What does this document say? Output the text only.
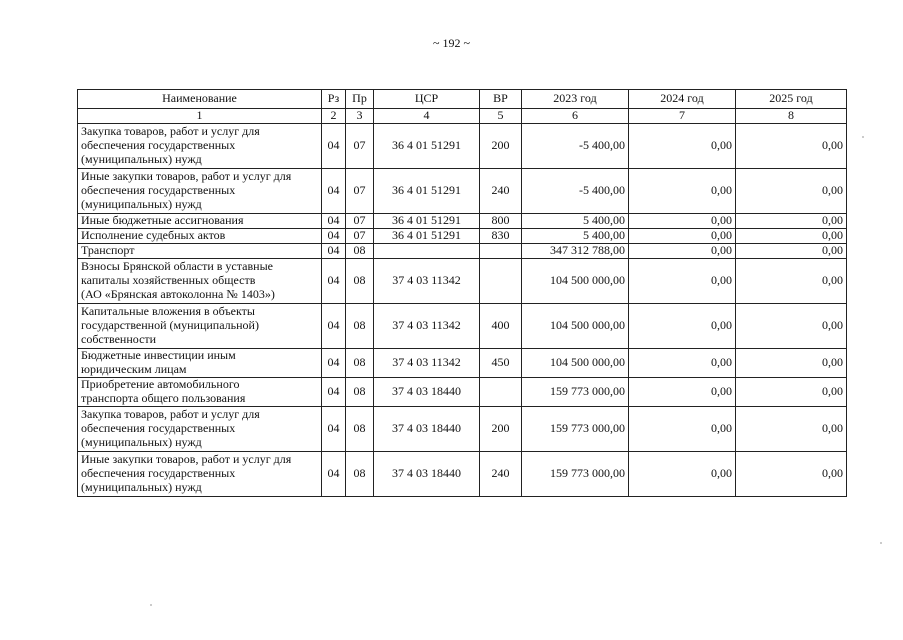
~ 192 ~
Наименование	Рз	Пр	ЦСР	ВР	2023 год	2024 год	2025 год
1	2	3	4	5	6	7	8
Закупка товаров, работ и услуг для
обеспечения государственных
(муниципальных) нужд	04	07	36 4 01 51291	200	-5 400,00	0,00	0,00
Иные закупки товаров, работ и услуг для
обеспечения государственных
(муниципальных) нужд	04	07	36 4 01 51291	240	-5 400,00	0,00	0,00
Иные бюджетные ассигнования	04	07	36 4 01 51291	800	5 400,00	0,00	0,00
Исполнение судебных актов	04	07	36 4 01 51291	830	5 400,00	0,00	0,00
Транспорт	04	08			347 312 788,00	0,00	0,00
Взносы Брянской области в уставные
капиталы хозяйственных обществ
(АО «Брянская автоколонна № 1403»)	04	08	37 4 03 11342		104 500 000,00	0,00	0,00
Капитальные вложения в объекты
государственной (муниципальной)
собственности	04	08	37 4 03 11342	400	104 500 000,00	0,00	0,00
Бюджетные инвестиции иным
юридическим лицам	04	08	37 4 03 11342	450	104 500 000,00	0,00	0,00
Приобретение автомобильного
транспорта общего пользования	04	08	37 4 03 18440		159 773 000,00	0,00	0,00
Закупка товаров, работ и услуг для
обеспечения государственных
(муниципальных) нужд	04	08	37 4 03 18440	200	159 773 000,00	0,00	0,00
Иные закупки товаров, работ и услуг для
обеспечения государственных
(муниципальных) нужд	04	08	37 4 03 18440	240	159 773 000,00	0,00	0,00
